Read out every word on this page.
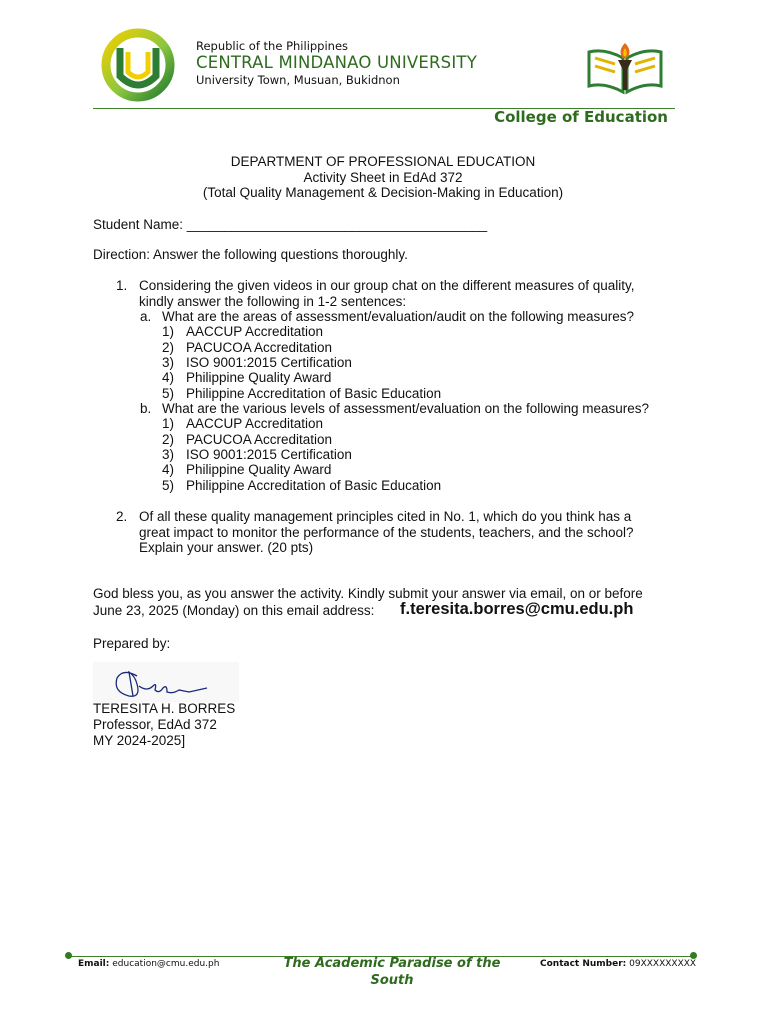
Republic of the Philippines
CENTRAL MINDANAO UNIVERSITY
University Town, Musuan, Bukidnon
College of Education
DEPARTMENT OF PROFESSIONAL EDUCATION
Activity Sheet in EdAd 372
(Total Quality Management & Decision-Making in Education)
Student Name: ________________________________________
Direction: Answer the following questions thoroughly.
1. Considering the given videos in our group chat on the different measures of quality,
kindly answer the following in 1-2 sentences:
a. What are the areas of assessment/evaluation/audit on the following measures?
1) AACCUP Accreditation
2) PACUCOA Accreditation
3) ISO 9001:2015 Certification
4) Philippine Quality Award
5) Philippine Accreditation of Basic Education
b. What are the various levels of assessment/evaluation on the following measures?
1) AACCUP Accreditation
2) PACUCOA Accreditation
3) ISO 9001:2015 Certification
4) Philippine Quality Award
5) Philippine Accreditation of Basic Education
2. Of all these quality management principles cited in No. 1, which do you think has a
great impact to monitor the performance of the students, teachers, and the school?
Explain your answer. (20 pts)
God bless you, as you answer the activity. Kindly submit your answer via email, on or before
June 23, 2025 (Monday) on this email address: f.teresita.borres@cmu.edu.ph
Prepared by:
TERESITA H. BORRES
Professor, EdAd 372
MY 2024-2025]
Email: education@cmu.edu.ph	The Academic Paradise of the South
Contact Number: 09XXXXXXXXX
